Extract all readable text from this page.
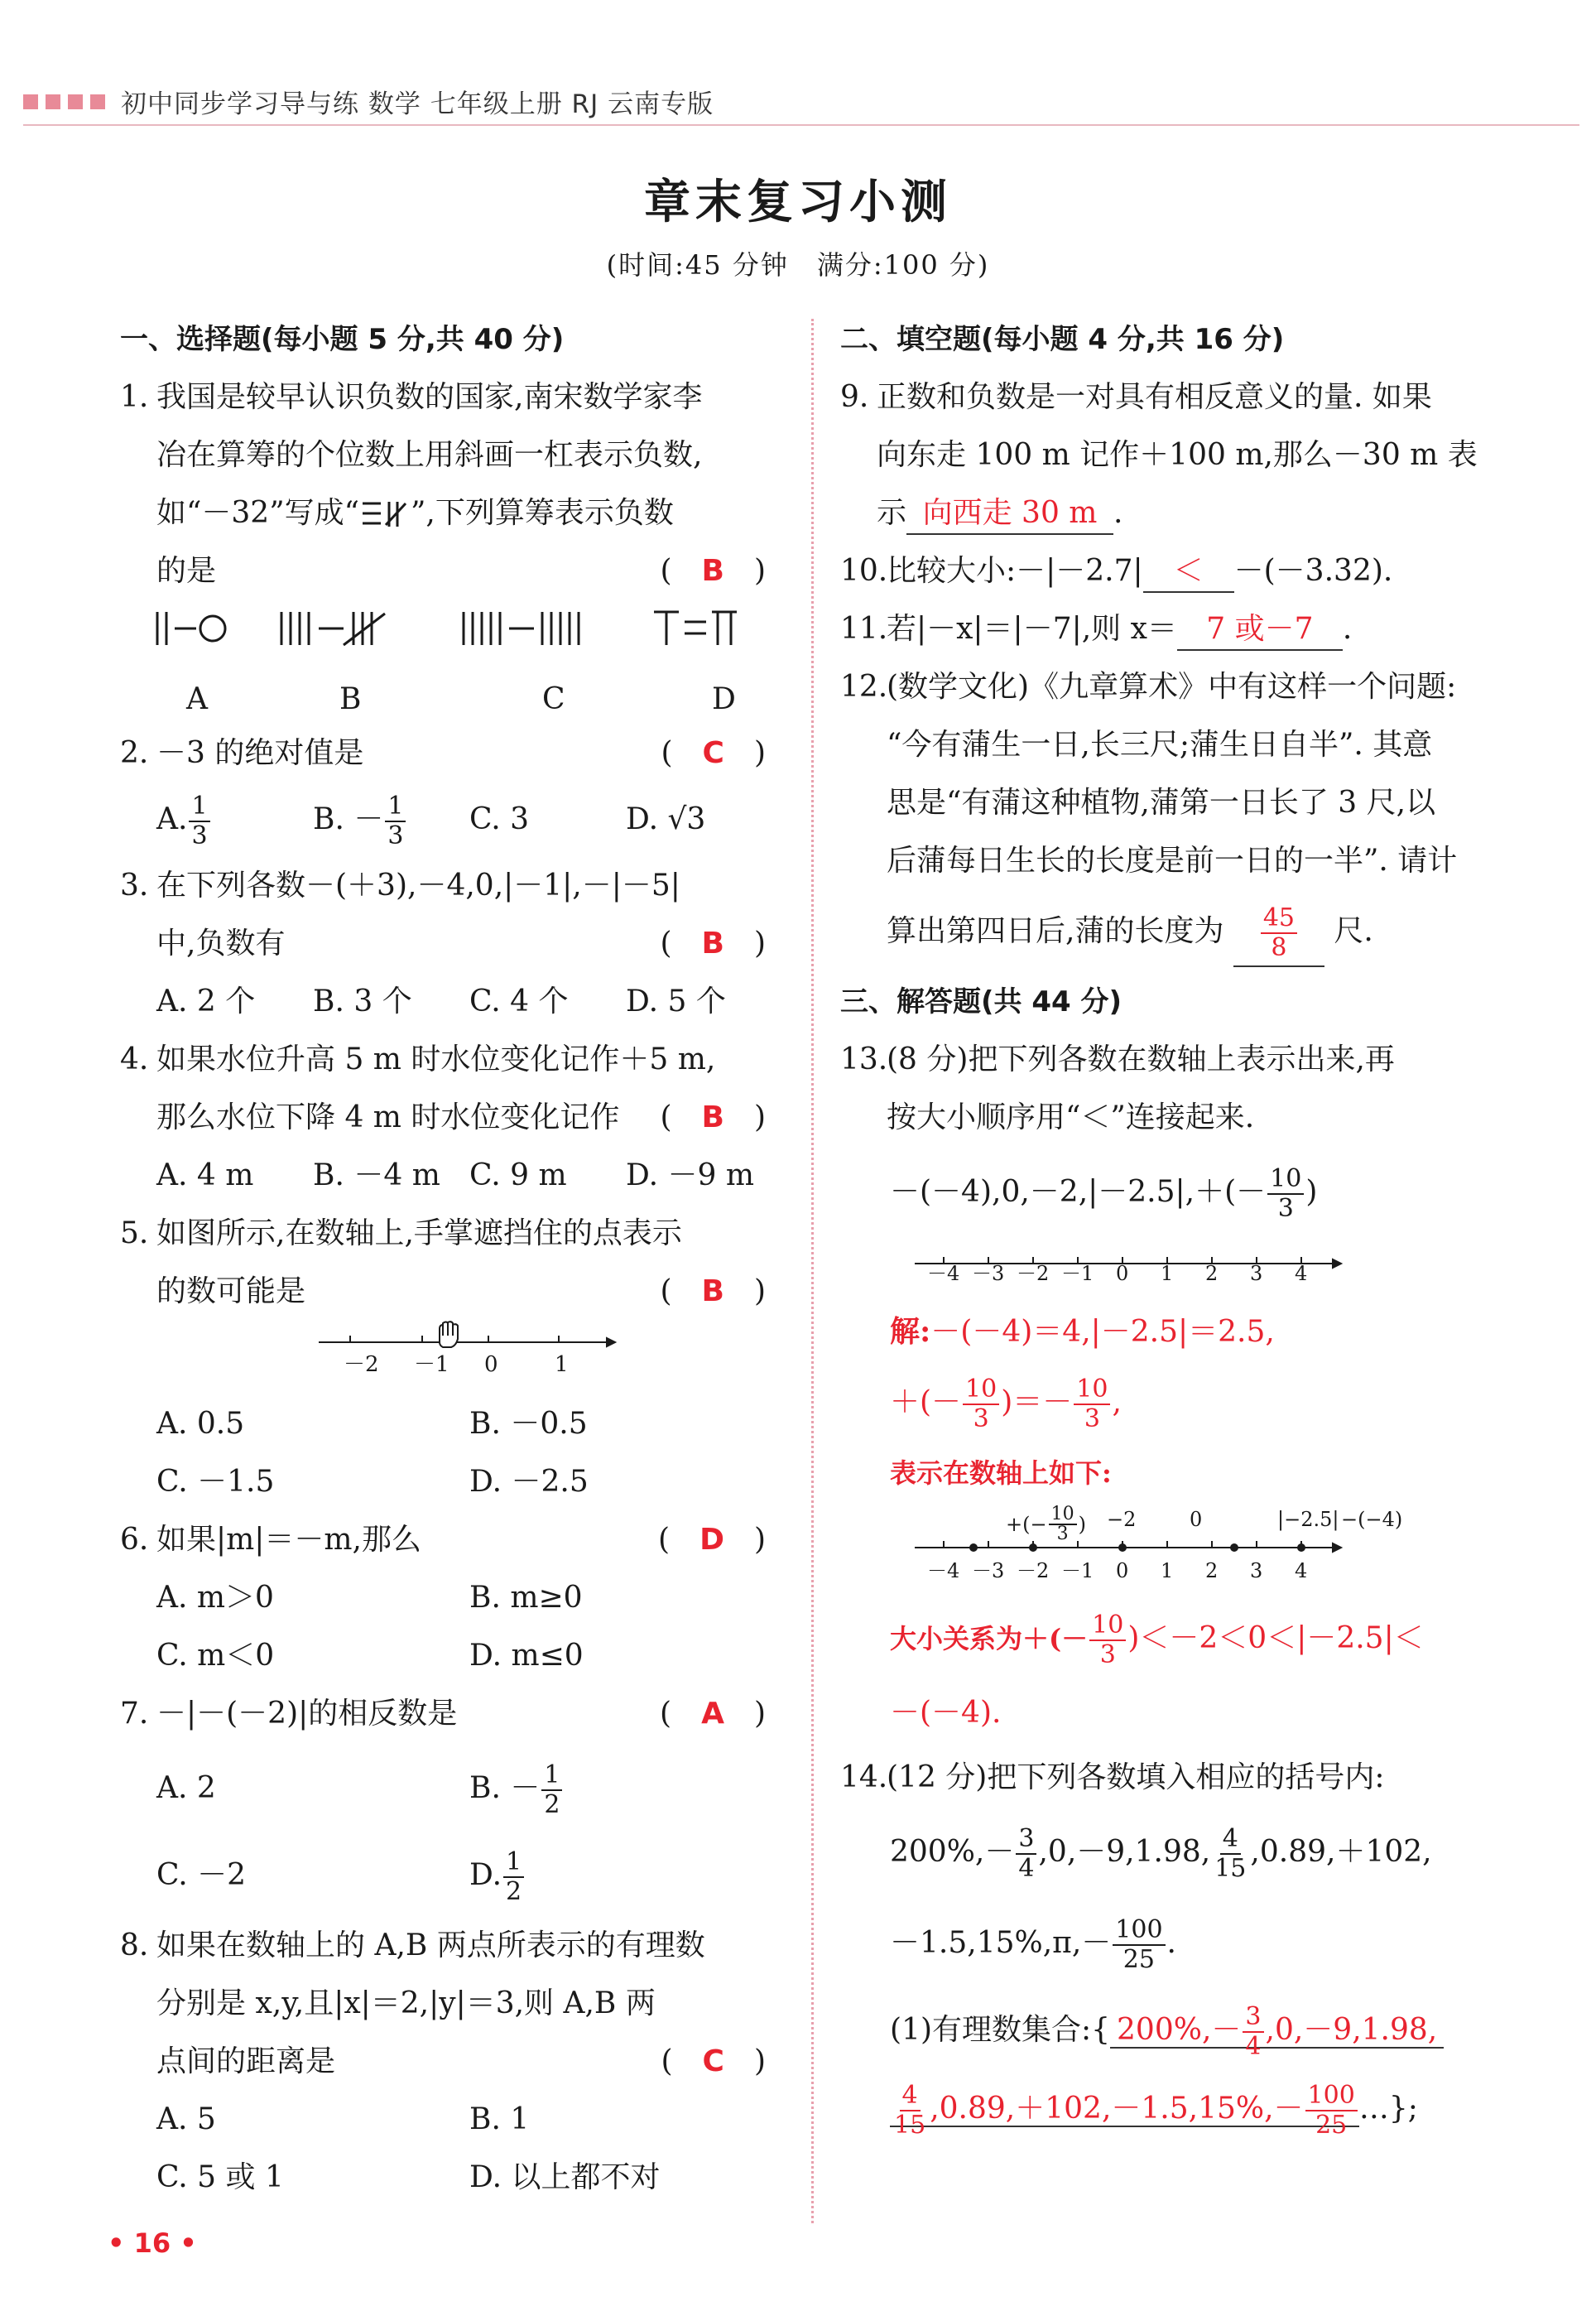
初中同步学习导与练 数学 七年级上册 RJ 云南专版
章末复习小测
(时间:45 分钟　满分:100 分)
一、选择题(每小题 5 分,共 40 分)
1. 我国是较早认识负数的国家,南宋数学家李
冶在算筹的个位数上用斜画一杠表示负数,
如“－32”写成“ ”,下列算筹表示负数
的是	(　B　)
A	B	C	D
2. －3 的绝对值是	(　C　)
A. $\frac{1}{3}$	B. － $\frac{1}{3} C$. 3	D. √3
3. 在下列各数－(＋3),－4,0,|－1|,－|－5|
中,负数有	(　B　)
A. 2 个	B. 3 个	C. 4 个	D. 5 个
4. 如果水位升高 5 m 时水位变化记作＋5 m,
那么水位下降 4 m 时水位变化记作 (　B　)
A. 4 m	B. －4 m C. 9 m	D. －9 m
5. 如图所示,在数轴上,手掌遮挡住的点表示
的数可能是	(　B　)
－2 －1 0	1
A. 0.5	B. －0.5
C. －1.5	D. －2.5
6. 如果|m|＝－m,那么	(　D　)
A. m＞0	B. m≥0
C. m＜0	D. m≤0
7. －|－(－2)|的相反数是	(　A　)
A. 2	B. － $\frac{1}{2}$
C. －2	D. $\frac{1}{2}$
8. 如果在数轴上的 A,B 两点所表示的有理数
分别是 x,y,且|x|＝2,|y|＝3,则 A,B 两
点间的距离是	(　C　)
A. 5	B. 1
C. 5 或 1	D. 以上都不对
二、填空题(每小题 4 分,共 16 分)
9. 正数和负数是一对具有相反意义的量. 如果
向东走 100 m 记作＋100 m,那么－30 m 表
示 向西走 30 m .
10.
比较大小:－|－2.7| ＜ －(－3.32).
11.
若|－x|＝|－7|,则 x＝ 7 或－7 .
12.
(数学文化)《九章算术》中有这样一个问题:
“今有蒲生一日,长三尺;蒲生日自半”. 其意
思是“有蒲这种植物,蒲第一日长了 3 尺,以
后蒲每日生长的长度是前一日的一半”. 请计
算出第四日后,蒲的长度为 $\frac{45}{8}$ 尺.
三、解答题(共 44 分)
13.
(8 分)把下列各数在数轴上表示出来,再
按大小顺序用“＜”连接起来.
$-(-4),0,-2,|-2.5|,+(- \frac{10}{3}$ )
－4 －3 －2 －1	0	1	2	3	4
解:－(－4)＝4,|－2.5|＝2.5,
＋(－ $\frac{10}{3}$ )＝－ $\frac{10}{3}$ ,
表示在数轴上如下:
+(− $\frac{10}{3}$ ) −2	0	|−2.5| −(−4)
－4 －3 －2 －1	0	1	2	3	4
大小关系为＋(－ $\frac{10}{3} )<-2<0<|-2.5|<$
－(－4).
14.
(12 分)把下列各数填入相应的括号内:
$200\%,- \frac{3}{4} ,0,-9,1.98$, $\frac{4}{15} ,0.89,+102$,
$-1.5,15\%,\pi,- \frac{100}{25}$ .
(1)有理数集合:{ $200\%,- \frac{3}{4} ,0,-9,1.98$,
$\frac{4}{15} ,0.89,+102,-1.5,15\%,- \frac{100}{25}$ …};
• 16 •
